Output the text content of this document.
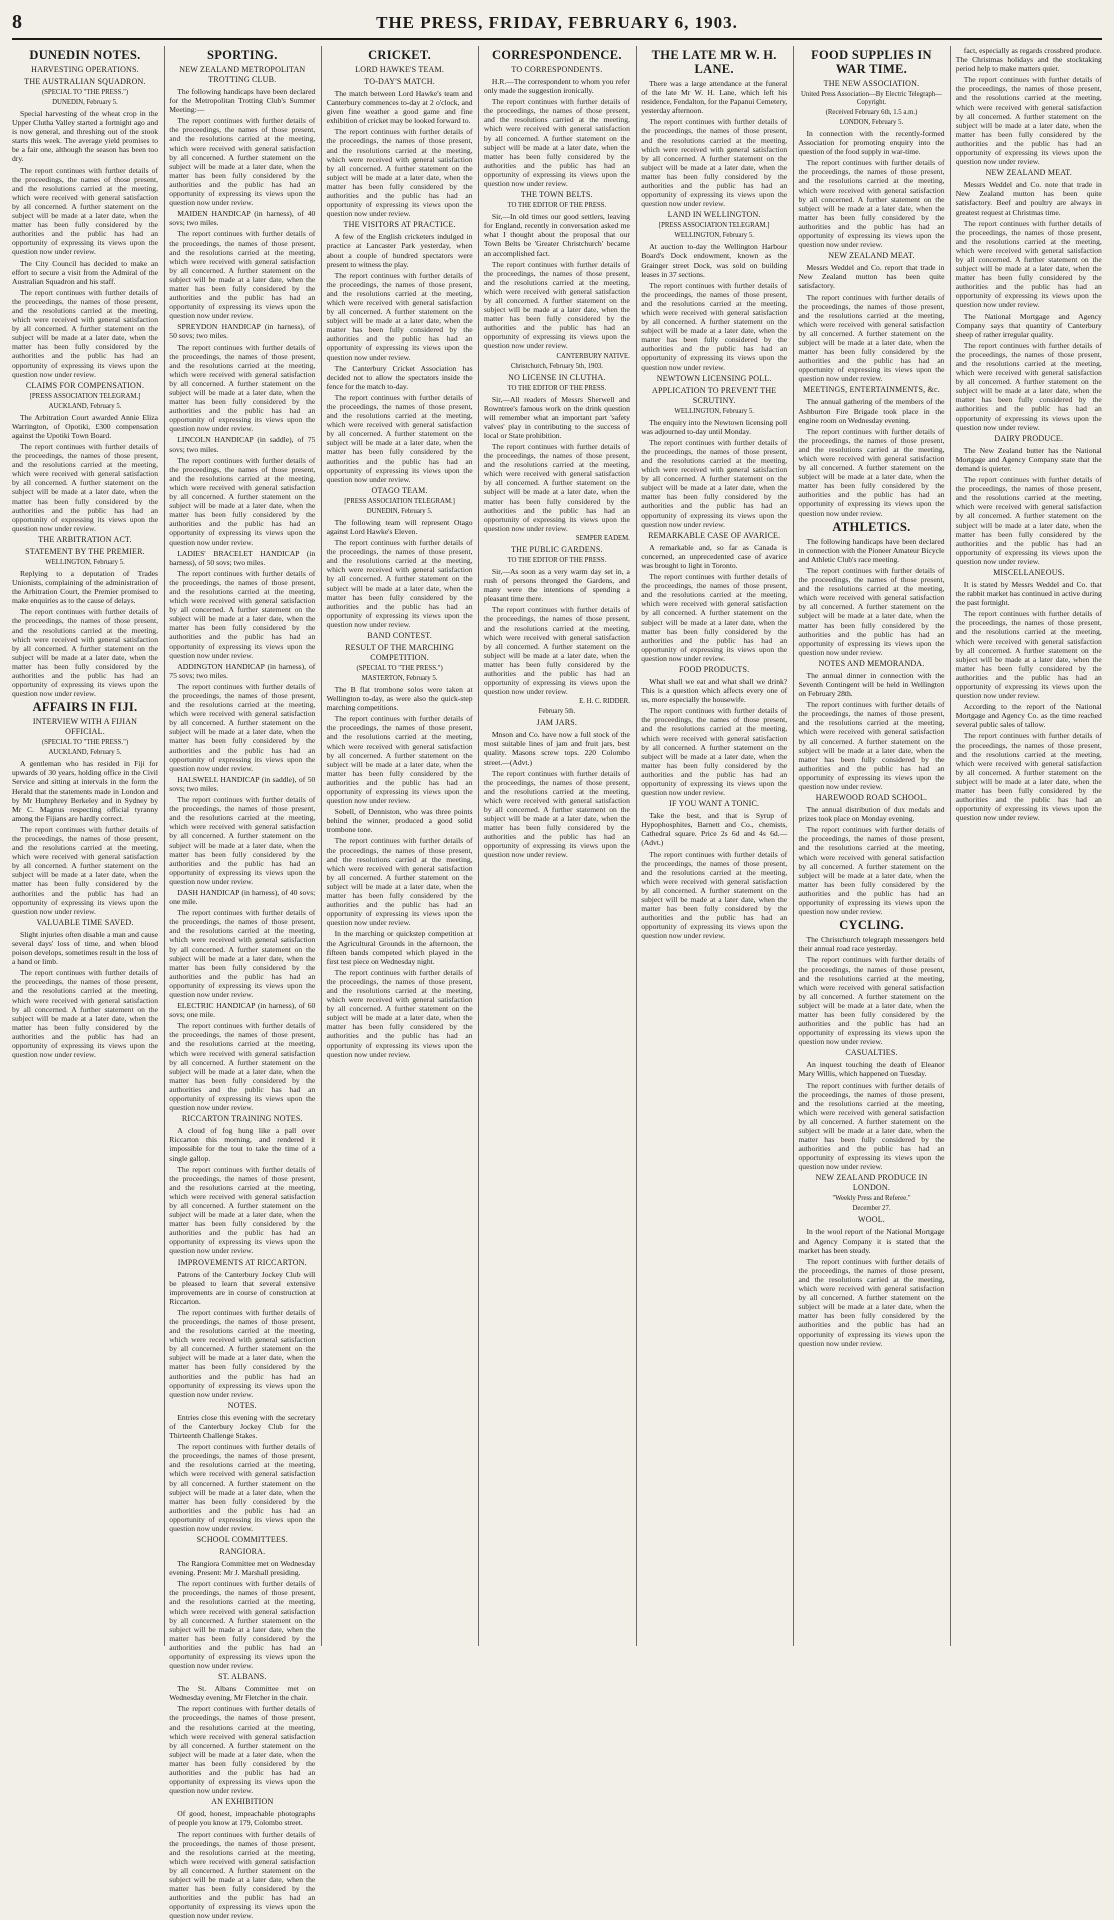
8	THE PRESS, FRIDAY, FEBRUARY 6, 1903.
DUNEDIN NOTES.
HARVESTING OPERATIONS.
THE AUSTRALIAN SQUADRON.
(SPECIAL TO "THE PRESS.")
DUNEDIN, February 5.

Special harvesting of the wheat crop in the Upper Clutha Valley started a fortnight ago and is now general, and threshing out of the stook starts this week. The average yield promises to be a fair one, although the season has been too dry.

The report continues with further details of the proceedings, the names of those present, and the resolutions carried at the meeting, which were received with general satisfaction by all concerned. A further statement on the subject will be made at a later date, when the matter has been fully considered by the authorities and the public has had an opportunity of expressing its views upon the question now under review.

The City Council has decided to make an effort to secure a visit from the Admiral of the Australian Squadron and his staff.

The report continues with further details of the proceedings, the names of those present, and the resolutions carried at the meeting, which were received with general satisfaction by all concerned. A further statement on the subject will be made at a later date, when the matter has been fully considered by the authorities and the public has had an opportunity of expressing its views upon the question now under review.

CLAIMS FOR COMPENSATION.
[PRESS ASSOCIATION TELEGRAM.]
AUCKLAND, February 5.

The Arbitration Court awarded Annie Eliza Warrington, of Opotiki, £300 compensation against the Upotiki Town Board.

The report continues with further details of the proceedings, the names of those present, and the resolutions carried at the meeting, which were received with general satisfaction by all concerned. A further statement on the subject will be made at a later date, when the matter has been fully considered by the authorities and the public has had an opportunity of expressing its views upon the question now under review.

THE ARBITRATION ACT.
STATEMENT BY THE PREMIER.
WELLINGTON, February 5.

Replying to a deputation of Trades Unionists, complaining of the administration of the Arbitration Court, the Premier promised to make enquiries as to the cause of delays.

The report continues with further details of the proceedings, the names of those present, and the resolutions carried at the meeting, which were received with general satisfaction by all concerned. A further statement on the subject will be made at a later date, when the matter has been fully considered by the authorities and the public has had an opportunity of expressing its views upon the question now under review.

AFFAIRS IN FIJI.
INTERVIEW WITH A FIJIAN OFFICIAL.
(SPECIAL TO "THE PRESS.")
AUCKLAND, February 5.

A gentleman who has resided in Fiji for upwards of 30 years, holding office in the Civil Service and sitting at intervals in the form the Herald that the statements made in London and by Mr Humphrey Berkeley and in Sydney by Mr C. Magnus respecting official tyranny among the Fijians are hardly correct.

The report continues with further details of the proceedings, the names of those present, and the resolutions carried at the meeting, which were received with general satisfaction by all concerned. A further statement on the subject will be made at a later date, when the matter has been fully considered by the authorities and the public has had an opportunity of expressing its views upon the question now under review.

VALUABLE TIME SAVED.

Slight injuries often disable a man and cause several days' loss of time, and when blood poison develops, sometimes result in the loss of a hand or limb.

The report continues with further details of the proceedings, the names of those present, and the resolutions carried at the meeting, which were received with general satisfaction by all concerned. A further statement on the subject will be made at a later date, when the matter has been fully considered by the authorities and the public has had an opportunity of expressing its views upon the question now under review.

SPORTING.
NEW ZEALAND METROPOLITAN TROTTING CLUB.

The following handicaps have been declared for the Metropolitan Trotting Club's Summer Meeting:—

The report continues with further details of the proceedings, the names of those present, and the resolutions carried at the meeting, which were received with general satisfaction by all concerned. A further statement on the subject will be made at a later date, when the matter has been fully considered by the authorities and the public has had an opportunity of expressing its views upon the question now under review.

MAIDEN HANDICAP (in harness), of 40 sovs; two miles.

The report continues with further details of the proceedings, the names of those present, and the resolutions carried at the meeting, which were received with general satisfaction by all concerned. A further statement on the subject will be made at a later date, when the matter has been fully considered by the authorities and the public has had an opportunity of expressing its views upon the question now under review.

SPREYDON HANDICAP (in harness), of 50 sovs; two miles.

The report continues with further details of the proceedings, the names of those present, and the resolutions carried at the meeting, which were received with general satisfaction by all concerned. A further statement on the subject will be made at a later date, when the matter has been fully considered by the authorities and the public has had an opportunity of expressing its views upon the question now under review.

LINCOLN HANDICAP (in saddle), of 75 sovs; two miles.

The report continues with further details of the proceedings, the names of those present, and the resolutions carried at the meeting, which were received with general satisfaction by all concerned. A further statement on the subject will be made at a later date, when the matter has been fully considered by the authorities and the public has had an opportunity of expressing its views upon the question now under review.

LADIES' BRACELET HANDICAP (in harness), of 50 sovs; two miles.

The report continues with further details of the proceedings, the names of those present, and the resolutions carried at the meeting, which were received with general satisfaction by all concerned. A further statement on the subject will be made at a later date, when the matter has been fully considered by the authorities and the public has had an opportunity of expressing its views upon the question now under review.

ADDINGTON HANDICAP (in harness), of 75 sovs; two miles.

The report continues with further details of the proceedings, the names of those present, and the resolutions carried at the meeting, which were received with general satisfaction by all concerned. A further statement on the subject will be made at a later date, when the matter has been fully considered by the authorities and the public has had an opportunity of expressing its views upon the question now under review.

HALSWELL HANDICAP (in saddle), of 50 sovs; two miles.

The report continues with further details of the proceedings, the names of those present, and the resolutions carried at the meeting, which were received with general satisfaction by all concerned. A further statement on the subject will be made at a later date, when the matter has been fully considered by the authorities and the public has had an opportunity of expressing its views upon the question now under review.

DASH HANDICAP (in harness), of 40 sovs; one mile.

The report continues with further details of the proceedings, the names of those present, and the resolutions carried at the meeting, which were received with general satisfaction by all concerned. A further statement on the subject will be made at a later date, when the matter has been fully considered by the authorities and the public has had an opportunity of expressing its views upon the question now under review.

ELECTRIC HANDICAP (in harness), of 60 sovs; one mile.

The report continues with further details of the proceedings, the names of those present, and the resolutions carried at the meeting, which were received with general satisfaction by all concerned. A further statement on the subject will be made at a later date, when the matter has been fully considered by the authorities and the public has had an opportunity of expressing its views upon the question now under review.

RICCARTON TRAINING NOTES.

A cloud of fog hung like a pall over Riccarton this morning, and rendered it impossible for the tout to take the time of a single gallop.

The report continues with further details of the proceedings, the names of those present, and the resolutions carried at the meeting, which were received with general satisfaction by all concerned. A further statement on the subject will be made at a later date, when the matter has been fully considered by the authorities and the public has had an opportunity of expressing its views upon the question now under review.

IMPROVEMENTS AT RICCARTON.

Patrons of the Canterbury Jockey Club will be pleased to learn that several extensive improvements are in course of construction at Riccarton.

The report continues with further details of the proceedings, the names of those present, and the resolutions carried at the meeting, which were received with general satisfaction by all concerned. A further statement on the subject will be made at a later date, when the matter has been fully considered by the authorities and the public has had an opportunity of expressing its views upon the question now under review.

NOTES.

Entries close this evening with the secretary of the Canterbury Jockey Club for the Thirteenth Challenge Stakes.

The report continues with further details of the proceedings, the names of those present, and the resolutions carried at the meeting, which were received with general satisfaction by all concerned. A further statement on the subject will be made at a later date, when the matter has been fully considered by the authorities and the public has had an opportunity of expressing its views upon the question now under review.

SCHOOL COMMITTEES.
RANGIORA.

The Rangiora Committee met on Wednesday evening. Present: Mr J. Marshall presiding.

The report continues with further details of the proceedings, the names of those present, and the resolutions carried at the meeting, which were received with general satisfaction by all concerned. A further statement on the subject will be made at a later date, when the matter has been fully considered by the authorities and the public has had an opportunity of expressing its views upon the question now under review.

ST. ALBANS.

The St. Albans Committee met on Wednesday evening, Mr Fletcher in the chair.

The report continues with further details of the proceedings, the names of those present, and the resolutions carried at the meeting, which were received with general satisfaction by all concerned. A further statement on the subject will be made at a later date, when the matter has been fully considered by the authorities and the public has had an opportunity of expressing its views upon the question now under review.

AN EXHIBITION

Of good, honest, impeachable photographs of people you know at 179, Colombo street.

The report continues with further details of the proceedings, the names of those present, and the resolutions carried at the meeting, which were received with general satisfaction by all concerned. A further statement on the subject will be made at a later date, when the matter has been fully considered by the authorities and the public has had an opportunity of expressing its views upon the question now under review.

CRICKET.
LORD HAWKE'S TEAM.
TO-DAY'S MATCH.

The match between Lord Hawke's team and Canterbury commences to-day at 2 o'clock, and given fine weather a good game and fine exhibition of cricket may be looked forward to.

The report continues with further details of the proceedings, the names of those present, and the resolutions carried at the meeting, which were received with general satisfaction by all concerned. A further statement on the subject will be made at a later date, when the matter has been fully considered by the authorities and the public has had an opportunity of expressing its views upon the question now under review.

THE VISITORS AT PRACTICE.

A few of the English cricketers indulged in practice at Lancaster Park yesterday, when about a couple of hundred spectators were present to witness the play.

The report continues with further details of the proceedings, the names of those present, and the resolutions carried at the meeting, which were received with general satisfaction by all concerned. A further statement on the subject will be made at a later date, when the matter has been fully considered by the authorities and the public has had an opportunity of expressing its views upon the question now under review.

The Canterbury Cricket Association has decided not to allow the spectators inside the fence for the match to-day.

The report continues with further details of the proceedings, the names of those present, and the resolutions carried at the meeting, which were received with general satisfaction by all concerned. A further statement on the subject will be made at a later date, when the matter has been fully considered by the authorities and the public has had an opportunity of expressing its views upon the question now under review.

OTAGO TEAM.
[PRESS ASSOCIATION TELEGRAM.]
DUNEDIN, February 5.

The following team will represent Otago against Lord Hawke's Eleven.

The report continues with further details of the proceedings, the names of those present, and the resolutions carried at the meeting, which were received with general satisfaction by all concerned. A further statement on the subject will be made at a later date, when the matter has been fully considered by the authorities and the public has had an opportunity of expressing its views upon the question now under review.

BAND CONTEST.
RESULT OF THE MARCHING COMPETITION.
(SPECIAL TO "THE PRESS.")
MASTERTON, February 5.

The B flat trombone solos were taken at Wellington to-day, as were also the quick-step marching competitions.

The report continues with further details of the proceedings, the names of those present, and the resolutions carried at the meeting, which were received with general satisfaction by all concerned. A further statement on the subject will be made at a later date, when the matter has been fully considered by the authorities and the public has had an opportunity of expressing its views upon the question now under review.

Sobell, of Denniston, who was three points behind the winner, produced a good solid trombone tone.

The report continues with further details of the proceedings, the names of those present, and the resolutions carried at the meeting, which were received with general satisfaction by all concerned. A further statement on the subject will be made at a later date, when the matter has been fully considered by the authorities and the public has had an opportunity of expressing its views upon the question now under review.

In the marching or quickstep competition at the Agricultural Grounds in the afternoon, the fifteen bands competed which played in the first test piece on Wednesday night.

The report continues with further details of the proceedings, the names of those present, and the resolutions carried at the meeting, which were received with general satisfaction by all concerned. A further statement on the subject will be made at a later date, when the matter has been fully considered by the authorities and the public has had an opportunity of expressing its views upon the question now under review.

CORRESPONDENCE.
TO CORRESPONDENTS.

H.R.—The correspondent to whom you refer only made the suggestion ironically.

The report continues with further details of the proceedings, the names of those present, and the resolutions carried at the meeting, which were received with general satisfaction by all concerned. A further statement on the subject will be made at a later date, when the matter has been fully considered by the authorities and the public has had an opportunity of expressing its views upon the question now under review.

THE TOWN BELTS.
TO THE EDITOR OF THE PRESS.

Sir,—In old times our good settlers, leaving for England, recently in conversation asked me what I thought about the proposal that our Town Belts be 'Greater Christchurch' became an accomplished fact.

The report continues with further details of the proceedings, the names of those present, and the resolutions carried at the meeting, which were received with general satisfaction by all concerned. A further statement on the subject will be made at a later date, when the matter has been fully considered by the authorities and the public has had an opportunity of expressing its views upon the question now under review.

CANTERBURY NATIVE.
Christchurch, February 5th, 1903.
NO LICENSE IN CLUTHA.
TO THE EDITOR OF THE PRESS.

Sir,—All readers of Messrs Sherwell and Rowntree's famous work on the drink question will remember what an important part 'safety valves' play in contributing to the success of local or State prohibition.

The report continues with further details of the proceedings, the names of those present, and the resolutions carried at the meeting, which were received with general satisfaction by all concerned. A further statement on the subject will be made at a later date, when the matter has been fully considered by the authorities and the public has had an opportunity of expressing its views upon the question now under review.

SEMPER EADEM.
THE PUBLIC GARDENS.
TO THE EDITOR OF THE PRESS.

Sir,—As soon as a very warm day set in, a rush of persons thronged the Gardens, and many were the intentions of spending a pleasant time there.

The report continues with further details of the proceedings, the names of those present, and the resolutions carried at the meeting, which were received with general satisfaction by all concerned. A further statement on the subject will be made at a later date, when the matter has been fully considered by the authorities and the public has had an opportunity of expressing its views upon the question now under review.

E. H. C. RIDDER.
February 5th.
JAM JARS.

Mnson and Co. have now a full stock of the most suitable lines of jam and fruit jars, best quality. Masons screw tops. 220 Colombo street.—(Advt.)

The report continues with further details of the proceedings, the names of those present, and the resolutions carried at the meeting, which were received with general satisfaction by all concerned. A further statement on the subject will be made at a later date, when the matter has been fully considered by the authorities and the public has had an opportunity of expressing its views upon the question now under review.

THE LATE MR W. H. LANE.

There was a large attendance at the funeral of the late Mr W. H. Lane, which left his residence, Fendalton, for the Papanui Cemetery, yesterday afternoon.

The report continues with further details of the proceedings, the names of those present, and the resolutions carried at the meeting, which were received with general satisfaction by all concerned. A further statement on the subject will be made at a later date, when the matter has been fully considered by the authorities and the public has had an opportunity of expressing its views upon the question now under review.

LAND IN WELLINGTON.
[PRESS ASSOCIATION TELEGRAM.]
WELLINGTON, February 5.

At auction to-day the Wellington Harbour Board's Dock endowment, known as the Grainger street Dock, was sold on building leases in 37 sections.

The report continues with further details of the proceedings, the names of those present, and the resolutions carried at the meeting, which were received with general satisfaction by all concerned. A further statement on the subject will be made at a later date, when the matter has been fully considered by the authorities and the public has had an opportunity of expressing its views upon the question now under review.

NEWTOWN LICENSING POLL.
APPLICATION TO PREVENT THE SCRUTINY.
WELLINGTON, February 5.

The enquiry into the Newtown licensing poll was adjourned to-day until Monday.

The report continues with further details of the proceedings, the names of those present, and the resolutions carried at the meeting, which were received with general satisfaction by all concerned. A further statement on the subject will be made at a later date, when the matter has been fully considered by the authorities and the public has had an opportunity of expressing its views upon the question now under review.

REMARKABLE CASE OF AVARICE.

A remarkable and, so far as Canada is concerned, an unprecedented case of avarice was brought to light in Toronto.

The report continues with further details of the proceedings, the names of those present, and the resolutions carried at the meeting, which were received with general satisfaction by all concerned. A further statement on the subject will be made at a later date, when the matter has been fully considered by the authorities and the public has had an opportunity of expressing its views upon the question now under review.

FOOD PRODUCTS.

What shall we eat and what shall we drink? This is a question which affects every one of us, more especially the housewife.

The report continues with further details of the proceedings, the names of those present, and the resolutions carried at the meeting, which were received with general satisfaction by all concerned. A further statement on the subject will be made at a later date, when the matter has been fully considered by the authorities and the public has had an opportunity of expressing its views upon the question now under review.

IF YOU WANT A TONIC.

Take the best, and that is Syrup of Hypophosphites, Barnett and Co., chemists, Cathedral square. Price 2s 6d and 4s 6d.—(Advt.)

The report continues with further details of the proceedings, the names of those present, and the resolutions carried at the meeting, which were received with general satisfaction by all concerned. A further statement on the subject will be made at a later date, when the matter has been fully considered by the authorities and the public has had an opportunity of expressing its views upon the question now under review.

FOOD SUPPLIES IN WAR TIME.
THE NEW ASSOCIATION.
United Press Association—By Electric Telegraph—Copyright.
(Received February 6th, 1.5 a.m.)
LONDON, February 5.

In connection with the recently-formed Association for promoting enquiry into the question of the food supply in war-time.

The report continues with further details of the proceedings, the names of those present, and the resolutions carried at the meeting, which were received with general satisfaction by all concerned. A further statement on the subject will be made at a later date, when the matter has been fully considered by the authorities and the public has had an opportunity of expressing its views upon the question now under review.

NEW ZEALAND MEAT.

Messrs Weddel and Co. report that trade in New Zealand mutton has been quite satisfactory.

The report continues with further details of the proceedings, the names of those present, and the resolutions carried at the meeting, which were received with general satisfaction by all concerned. A further statement on the subject will be made at a later date, when the matter has been fully considered by the authorities and the public has had an opportunity of expressing its views upon the question now under review.

MEETINGS, ENTERTAINMENTS, &c.

The annual gathering of the members of the Ashburton Fire Brigade took place in the engine room on Wednesday evening.

The report continues with further details of the proceedings, the names of those present, and the resolutions carried at the meeting, which were received with general satisfaction by all concerned. A further statement on the subject will be made at a later date, when the matter has been fully considered by the authorities and the public has had an opportunity of expressing its views upon the question now under review.

ATHLETICS.

The following handicaps have been declared in connection with the Pioneer Amateur Bicycle and Athletic Club's race meeting.

The report continues with further details of the proceedings, the names of those present, and the resolutions carried at the meeting, which were received with general satisfaction by all concerned. A further statement on the subject will be made at a later date, when the matter has been fully considered by the authorities and the public has had an opportunity of expressing its views upon the question now under review.

NOTES AND MEMORANDA.

The annual dinner in connection with the Seventh Contingent will be held in Wellington on February 28th.

The report continues with further details of the proceedings, the names of those present, and the resolutions carried at the meeting, which were received with general satisfaction by all concerned. A further statement on the subject will be made at a later date, when the matter has been fully considered by the authorities and the public has had an opportunity of expressing its views upon the question now under review.

HAREWOOD ROAD SCHOOL.

The annual distribution of dux medals and prizes took place on Monday evening.

The report continues with further details of the proceedings, the names of those present, and the resolutions carried at the meeting, which were received with general satisfaction by all concerned. A further statement on the subject will be made at a later date, when the matter has been fully considered by the authorities and the public has had an opportunity of expressing its views upon the question now under review.

CYCLING.

The Christchurch telegraph messengers held their annual road race yesterday.

The report continues with further details of the proceedings, the names of those present, and the resolutions carried at the meeting, which were received with general satisfaction by all concerned. A further statement on the subject will be made at a later date, when the matter has been fully considered by the authorities and the public has had an opportunity of expressing its views upon the question now under review.

CASUALTIES.

An inquest touching the death of Eleanor Mary Willis, which happened on Tuesday.

The report continues with further details of the proceedings, the names of those present, and the resolutions carried at the meeting, which were received with general satisfaction by all concerned. A further statement on the subject will be made at a later date, when the matter has been fully considered by the authorities and the public has had an opportunity of expressing its views upon the question now under review.

NEW ZEALAND PRODUCE IN LONDON.
"Weekly Press and Referee."
December 27.
WOOL.

In the wool report of the National Mortgage and Agency Company it is stated that the market has been steady.

The report continues with further details of the proceedings, the names of those present, and the resolutions carried at the meeting, which were received with general satisfaction by all concerned. A further statement on the subject will be made at a later date, when the matter has been fully considered by the authorities and the public has had an opportunity of expressing its views upon the question now under review.

fact, especially as regards crossbred produce. The Christmas holidays and the stocktaking period help to make matters quiet.

The report continues with further details of the proceedings, the names of those present, and the resolutions carried at the meeting, which were received with general satisfaction by all concerned. A further statement on the subject will be made at a later date, when the matter has been fully considered by the authorities and the public has had an opportunity of expressing its views upon the question now under review.

NEW ZEALAND MEAT.

Messrs Weddel and Co. note that trade in New Zealand mutton has been quite satisfactory. Beef and poultry are always in greatest request at Christmas time.

The report continues with further details of the proceedings, the names of those present, and the resolutions carried at the meeting, which were received with general satisfaction by all concerned. A further statement on the subject will be made at a later date, when the matter has been fully considered by the authorities and the public has had an opportunity of expressing its views upon the question now under review.

The National Mortgage and Agency Company says that quantity of Canterbury sheep of rather irregular quality.

The report continues with further details of the proceedings, the names of those present, and the resolutions carried at the meeting, which were received with general satisfaction by all concerned. A further statement on the subject will be made at a later date, when the matter has been fully considered by the authorities and the public has had an opportunity of expressing its views upon the question now under review.

DAIRY PRODUCE.

The New Zealand butter has the National Mortgage and Agency Company state that the demand is quieter.

The report continues with further details of the proceedings, the names of those present, and the resolutions carried at the meeting, which were received with general satisfaction by all concerned. A further statement on the subject will be made at a later date, when the matter has been fully considered by the authorities and the public has had an opportunity of expressing its views upon the question now under review.

MISCELLANEOUS.

It is stated by Messrs Weddel and Co. that the rabbit market has continued in active during the past fortnight.

The report continues with further details of the proceedings, the names of those present, and the resolutions carried at the meeting, which were received with general satisfaction by all concerned. A further statement on the subject will be made at a later date, when the matter has been fully considered by the authorities and the public has had an opportunity of expressing its views upon the question now under review.

According to the report of the National Mortgage and Agency Co. as the time reached several public sales of tallow.

The report continues with further details of the proceedings, the names of those present, and the resolutions carried at the meeting, which were received with general satisfaction by all concerned. A further statement on the subject will be made at a later date, when the matter has been fully considered by the authorities and the public has had an opportunity of expressing its views upon the question now under review.
